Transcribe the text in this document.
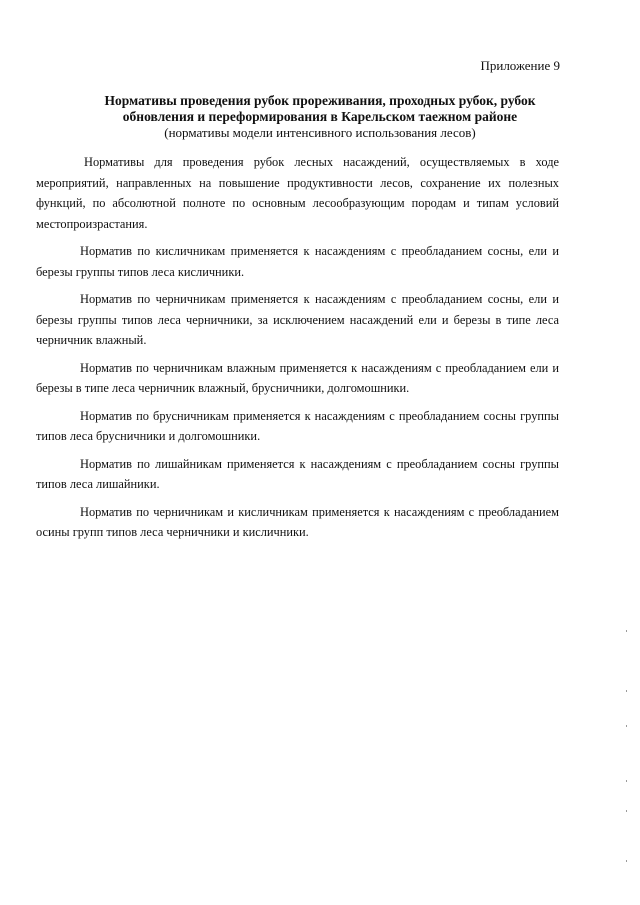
Приложение 9

Нормативы проведения рубок прореживания, проходных рубок, рубок обновления и переформирования в Карельском таежном районе

(нормативы модели интенсивного использования лесов)

Нормативы для проведения рубок лесных насаждений, осуществляемых в ходе мероприятий, направленных на повышение продуктивности лесов, сохранение их полезных функций, по абсолютной полноте по основным лесообразующим породам и типам условий местопроизрастания.

Норматив по кисличникам применяется к насаждениям с преобладанием сосны, ели и березы группы типов леса кисличники.

Норматив по черничникам применяется к насаждениям с преобладанием сосны, ели и березы группы типов леса черничники, за исключением насаждений ели и березы в типе леса черничник влажный.

Норматив по черничникам влажным применяется к насаждениям с преобладанием ели и березы в типе леса черничник влажный, брусничники, долгомошники.

Норматив по брусничникам применяется к насаждениям с преобладанием сосны группы типов леса брусничники и долгомошники.

Норматив по лишайникам применяется к насаждениям с преобладанием сосны группы типов леса лишайники.

Норматив по черничникам и кисличникам применяется к насаждениям с преобладанием осины групп типов леса черничники и кисличники.
